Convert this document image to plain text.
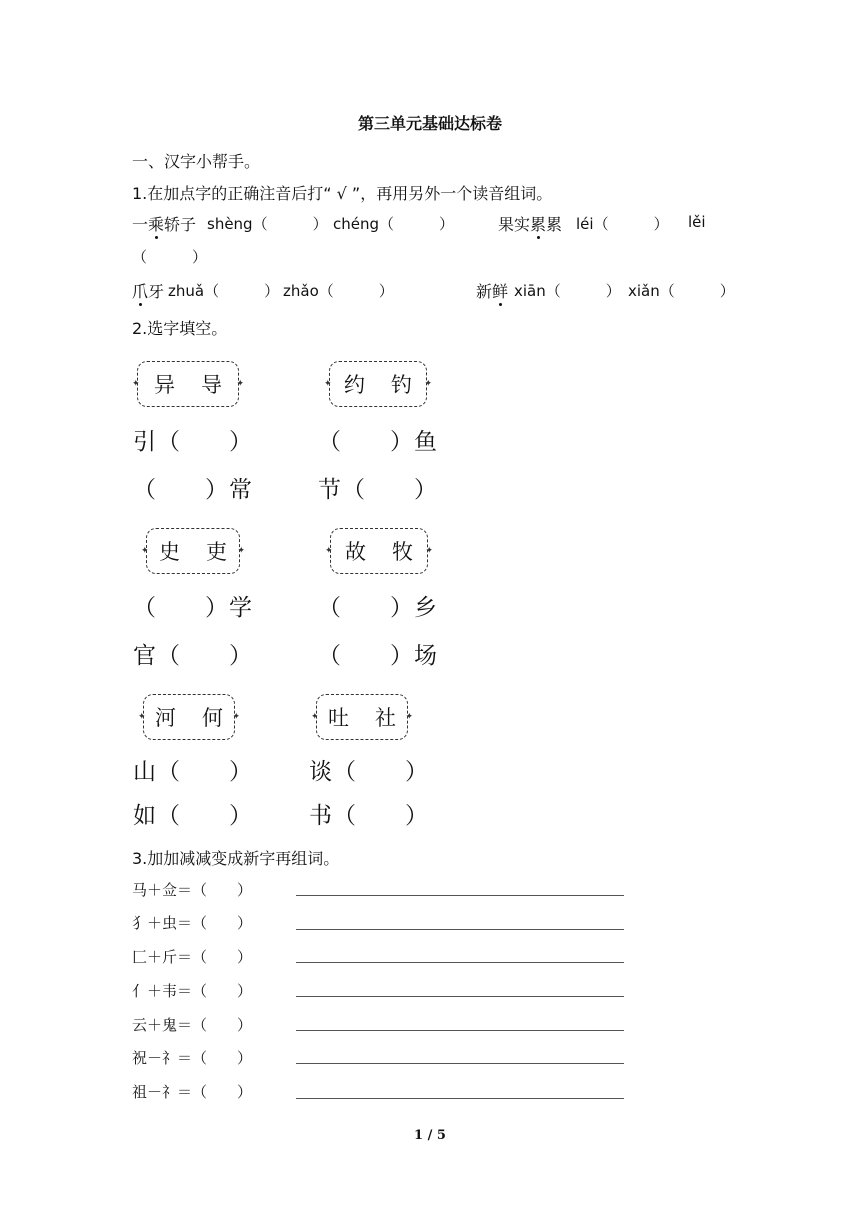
第三单元基础达标卷
一、汉字小帮手。
1.在加点字的正确注音后打“ √ ”，再用另外一个读音组词。
一乘轿子 shèng（　　　） chéng（　　　）	果实累累 léi（　　　） lěi
（　　　）
爪牙 zhuǎ（　　　） zhǎo（　　　）	新鲜 xiān（　　　） xiǎn（　　　）
2.选字填空。
✦ 异 导
✦
引（　　）
（　　）常
✦ 约 钓
✦
（　　）鱼
节（　　）
✦ 史 吏
✦
（　　）学
官（　　）
✦ 故 牧
✦
（　　）乡
（　　）场
✦ 河 何
✦
山（　　）
如（　　）
✦ 吐 社
✦
谈（　　）
书（　　）
3.加加减减变成新字再组词。
马＋佥＝（　　）
犭＋虫＝（　　）
匚＋斤＝（　　）
亻＋韦＝（　　）
云＋鬼＝（　　）
祝－礻＝（　　）
祖－礻＝（　　）
1 / 5
